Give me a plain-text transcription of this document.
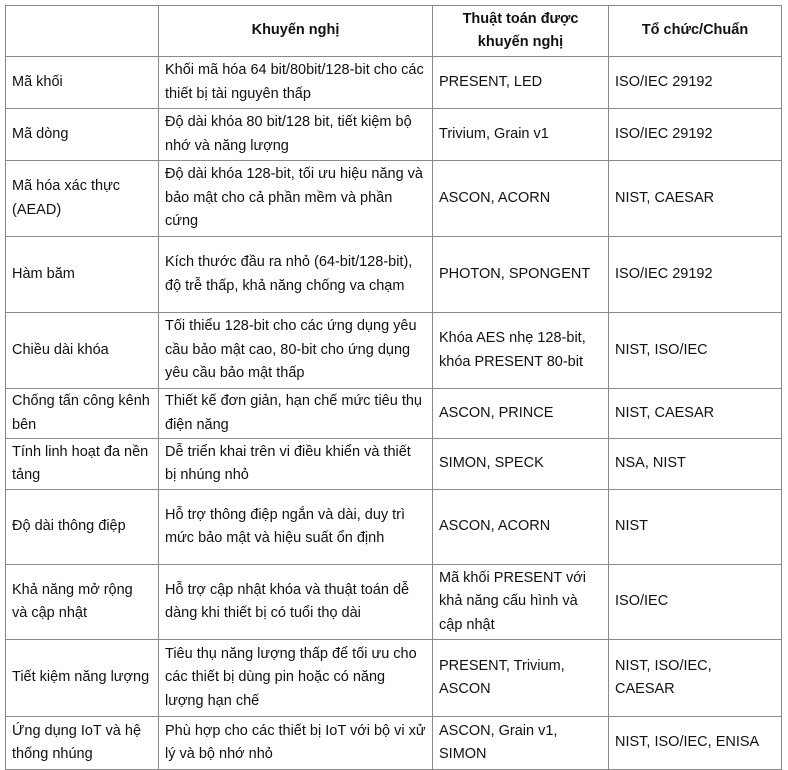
	Khuyến nghị	Thuật toán được khuyến nghị	Tổ chức/Chuẩn
Mã khối	Khối mã hóa 64 bit/80bit/128-bit cho các thiết bị tài nguyên thấp	PRESENT, LED	ISO/IEC 29192
Mã dòng	Độ dài khóa 80 bit/128 bit, tiết kiệm bộ nhớ và năng lượng	Trivium, Grain v1	ISO/IEC 29192
Mã hóa xác thực (AEAD)	Độ dài khóa 128-bit, tối ưu hiệu năng và bảo mật cho cả phần mềm và phần cứng	ASCON, ACORN	NIST, CAESAR
Hàm băm	Kích thước đầu ra nhỏ (64-bit/128-bit), độ trễ thấp, khả năng chống va chạm	PHOTON, SPONGENT	ISO/IEC 29192
Chiều dài khóa	Tối thiểu 128-bit cho các ứng dụng yêu cầu bảo mật cao, 80-bit cho ứng dụng yêu cầu bảo mật thấp	Khóa AES nhẹ 128-bit, khóa PRESENT 80-bit	NIST, ISO/IEC
Chống tấn công kênh bên	Thiết kế đơn giản, hạn chế mức tiêu thụ điện năng	ASCON, PRINCE	NIST, CAESAR
Tính linh hoạt đa nền tảng	Dễ triển khai trên vi điều khiển và thiết bị nhúng nhỏ	SIMON, SPECK	NSA, NIST
Độ dài thông điệp	Hỗ trợ thông điệp ngắn và dài, duy trì mức bảo mật và hiệu suất ổn định	ASCON, ACORN	NIST
Khả năng mở rộng và cập nhật	Hỗ trợ cập nhật khóa và thuật toán dễ dàng khi thiết bị có tuổi thọ dài	Mã khối PRESENT với khả năng cấu hình và cập nhật	ISO/IEC
Tiết kiệm năng lượng	Tiêu thụ năng lượng thấp để tối ưu cho các thiết bị dùng pin hoặc có năng lượng hạn chế	PRESENT, Trivium, ASCON	NIST, ISO/IEC, CAESAR
Ứng dụng IoT và hệ thống nhúng	Phù hợp cho các thiết bị IoT với bộ vi xử lý và bộ nhớ nhỏ	ASCON, Grain v1, SIMON	NIST, ISO/IEC, ENISA
